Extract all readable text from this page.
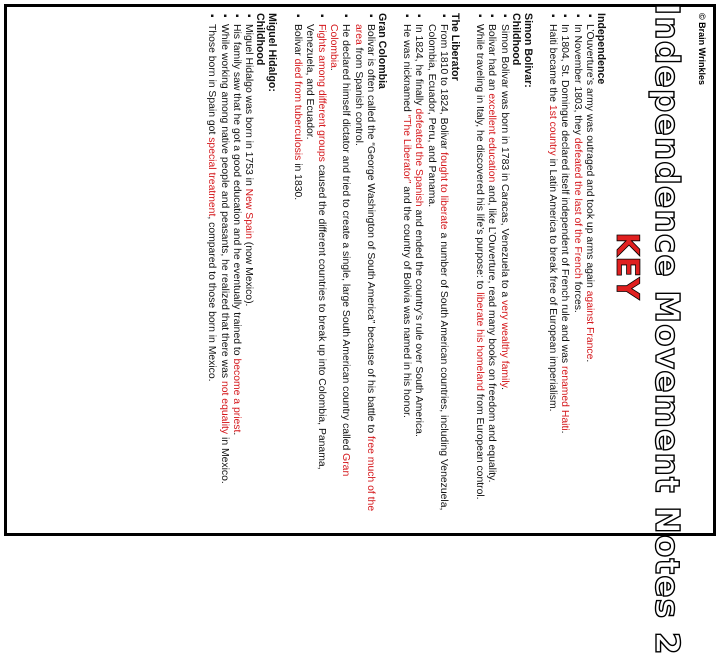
© Brain Wrinkles
Independence Movement Notes 2
KEY
Independence
▪
L’Ouverture’s army was outraged and took up arms again against France.
▪
In November 1803, they defeated the last of the French forces.
▪
In 1804, St. Domingue declared itself independent of French rule and was renamed Haiti.
▪
Haiti became the 1st country in Latin America to break free of European imperialism.
Simon Bolivar:
Childhood
▪
Simon Bolivar was born in 1783 in Caracas, Venezuela to a very wealthy family.
▪
Bolivar had an excellent education and, like L’Ouverture, read many books on freedom and equality.
▪
While traveling in Italy, he discovered his life’s purpose: to liberate his homeland from European control.
The Liberator
▪
From 1810 to 1824, Bolivar fought to liberate a number of South American countries, including Venezuela, Colombia, Ecuador, Peru, and Panama.
▪
In 1824, he finally defeated the Spanish and ended the country’s rule over South America.
▪
He was nicknamed “The Liberator” and the country of Bolivia was named in his honor.
Gran Colombia
▪
Bolivar is often called the “George Washington of South America” because of his battle to free much of the area from Spanish control.
▪
He declared himself dictator and tried to create a single, large South American country called Gran Colombia.
▪
Fights among different groups caused the different countries to break up into Colombia, Panama, Venezuela, and Ecuador.
▪
Bolivar died from tuberculosis in 1830.
Miguel Hidalgo:
Childhood
▪
Miguel Hidalgo was born in 1753 in New Spain (now Mexico).
▪
His family saw that he got a good education and he eventually trained to become a priest.
▪
While working among native people and peasants, he realized that there was not equality in Mexico.
▪
Those born in Spain got special treatment, compared to those born in Mexico.
